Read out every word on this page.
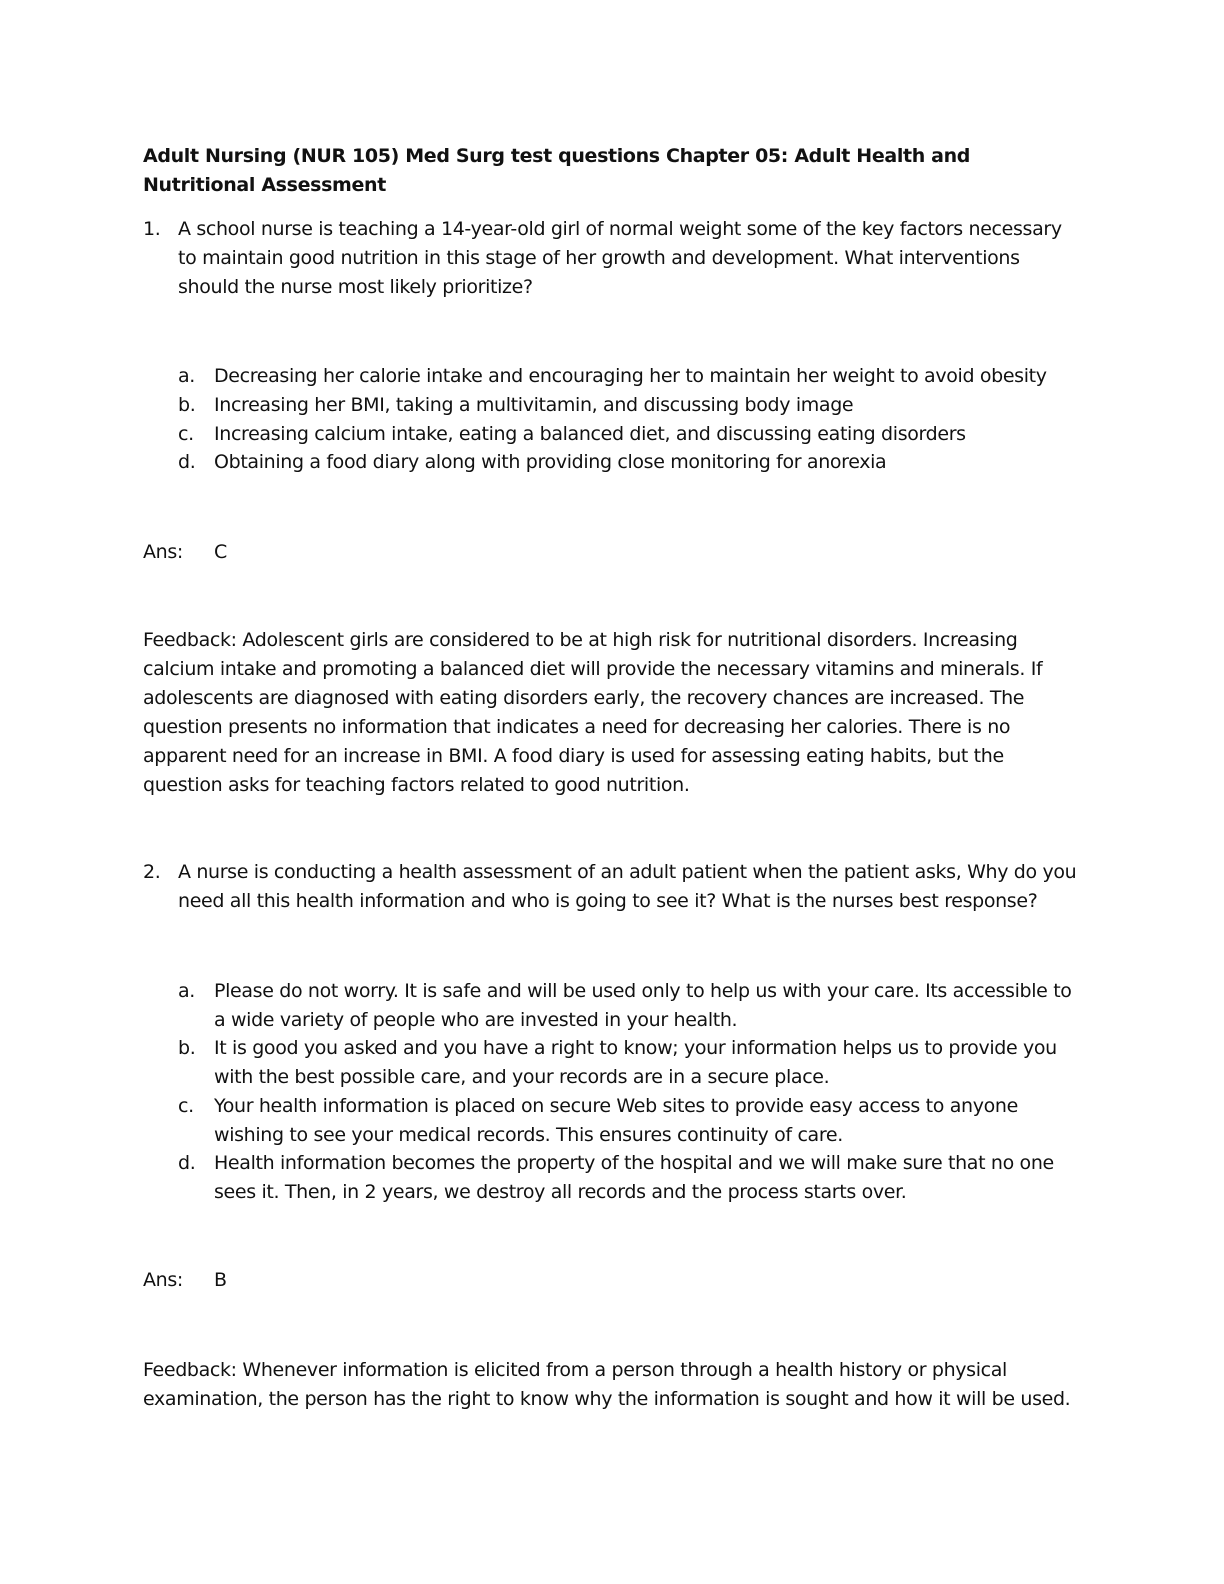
Adult Nursing (NUR 105) Med Surg test questions Chapter 05: Adult Health and Nutritional Assessment
1. A school nurse is teaching a 14-year-old girl of normal weight some of the key factors necessary to maintain good nutrition in this stage of her growth and development. What interventions should the nurse most likely prioritize?
a. Decreasing her calorie intake and encouraging her to maintain her weight to avoid obesity
b. Increasing her BMI, taking a multivitamin, and discussing body image
c. Increasing calcium intake, eating a balanced diet, and discussing eating disorders
d. Obtaining a food diary along with providing close monitoring for anorexia
Ans: C
Feedback: Adolescent girls are considered to be at high risk for nutritional disorders. Increasing calcium intake and promoting a balanced diet will provide the necessary vitamins and minerals. If adolescents are diagnosed with eating disorders early, the recovery chances are increased. The question presents no information that indicates a need for decreasing her calories. There is no apparent need for an increase in BMI. A food diary is used for assessing eating habits, but the question asks for teaching factors related to good nutrition.
2. A nurse is conducting a health assessment of an adult patient when the patient asks, Why do you need all this health information and who is going to see it? What is the nurses best response?
a. Please do not worry. It is safe and will be used only to help us with your care. Its accessible to a wide variety of people who are invested in your health.
b. It is good you asked and you have a right to know; your information helps us to provide you with the best possible care, and your records are in a secure place.
c. Your health information is placed on secure Web sites to provide easy access to anyone wishing to see your medical records. This ensures continuity of care.
d. Health information becomes the property of the hospital and we will make sure that no one sees it. Then, in 2 years, we destroy all records and the process starts over.
Ans: B
Feedback: Whenever information is elicited from a person through a health history or physical examination, the person has the right to know why the information is sought and how it will be used.
